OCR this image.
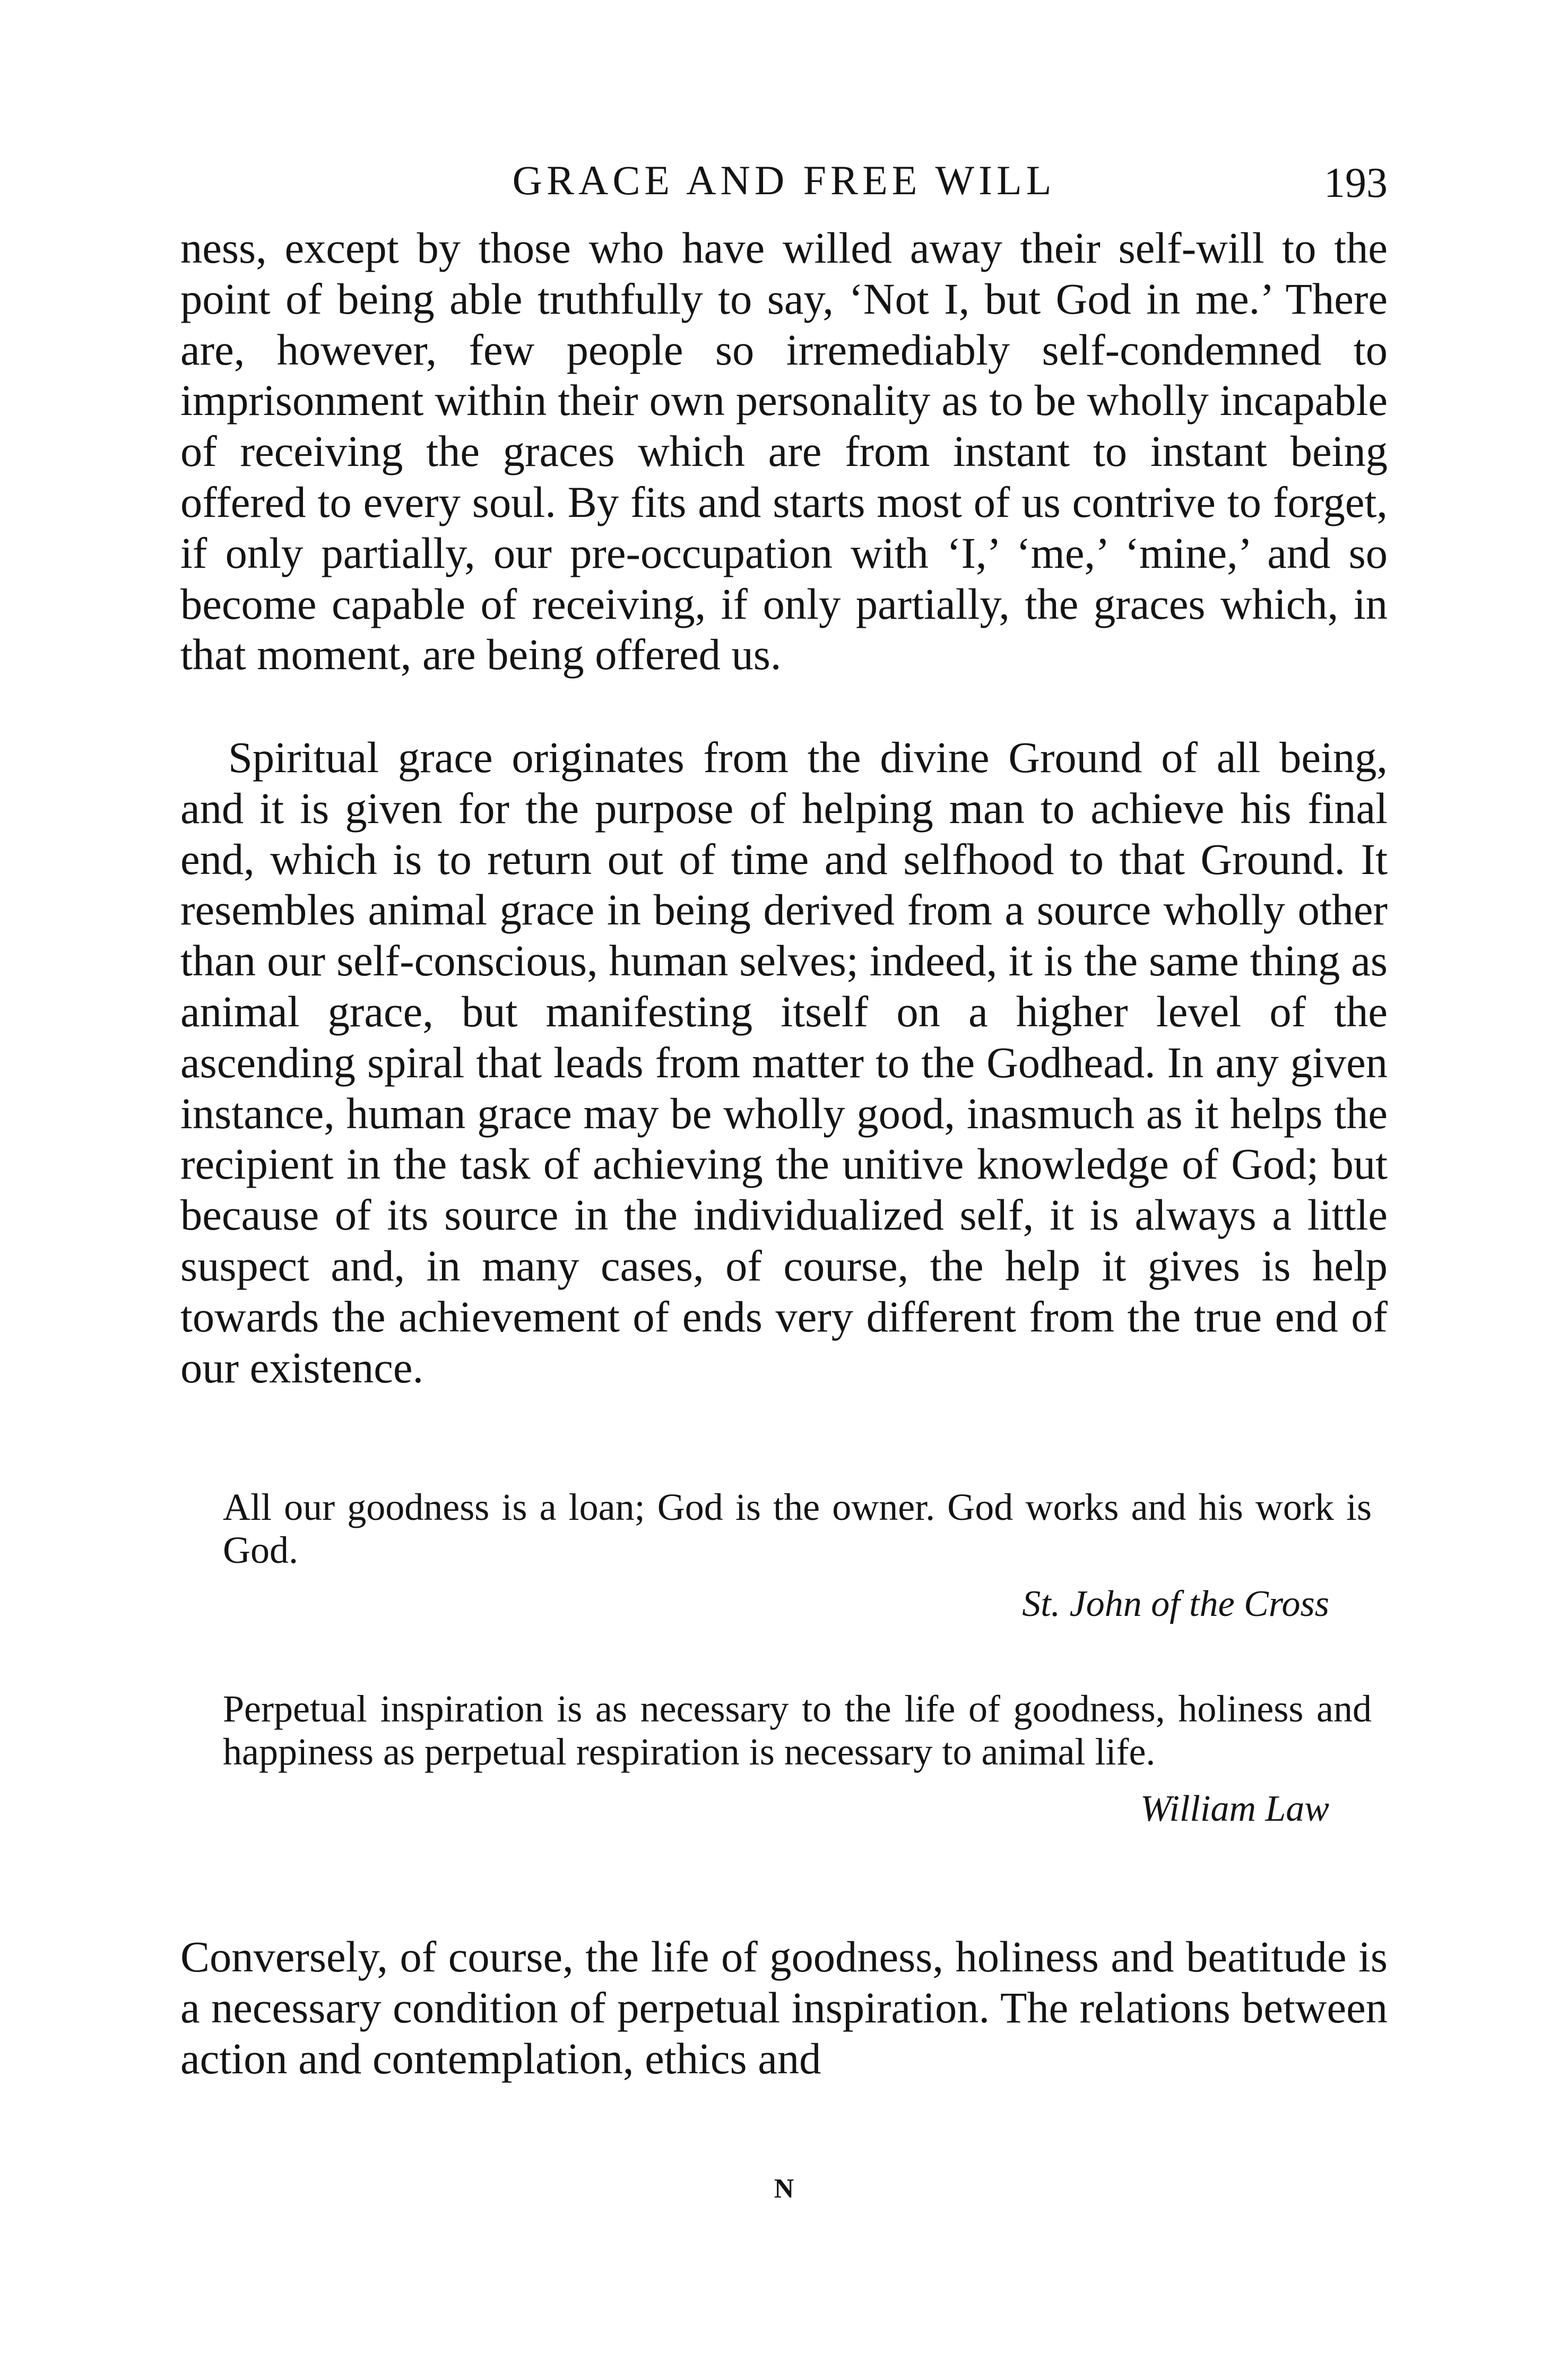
GRACE AND FREE WILL	193

ness, except by those who have willed away their self-will to the point of being able truthfully to say, ‘Not I, but God in me.’ There are, however, few people so irremediably self-condemned to imprisonment within their own personality as to be wholly incapable of receiving the graces which are from instant to instant being offered to every soul. By fits and starts most of us contrive to forget, if only partially, our pre-occupation with ‘I,’ ‘me,’ ‘mine,’ and so become capable of receiving, if only partially, the graces which, in that moment, are being offered us.

Spiritual grace originates from the divine Ground of all being, and it is given for the purpose of helping man to achieve his final end, which is to return out of time and selfhood to that Ground. It resembles animal grace in being derived from a source wholly other than our self-conscious, human selves; indeed, it is the same thing as animal grace, but manifesting itself on a higher level of the ascending spiral that leads from matter to the Godhead. In any given instance, human grace may be wholly good, inasmuch as it helps the recipient in the task of achieving the unitive knowledge of God; but because of its source in the individualized self, it is always a little suspect and, in many cases, of course, the help it gives is help towards the achievement of ends very different from the true end of our existence.

All our goodness is a loan; God is the owner. God works and his work is God.

St. John of the Cross

Perpetual inspiration is as necessary to the life of goodness, holiness and happiness as perpetual respiration is necessary to animal life.

William Law

Conversely, of course, the life of goodness, holiness and beatitude is a necessary condition of perpetual inspiration. The relations between action and contemplation, ethics and

N
